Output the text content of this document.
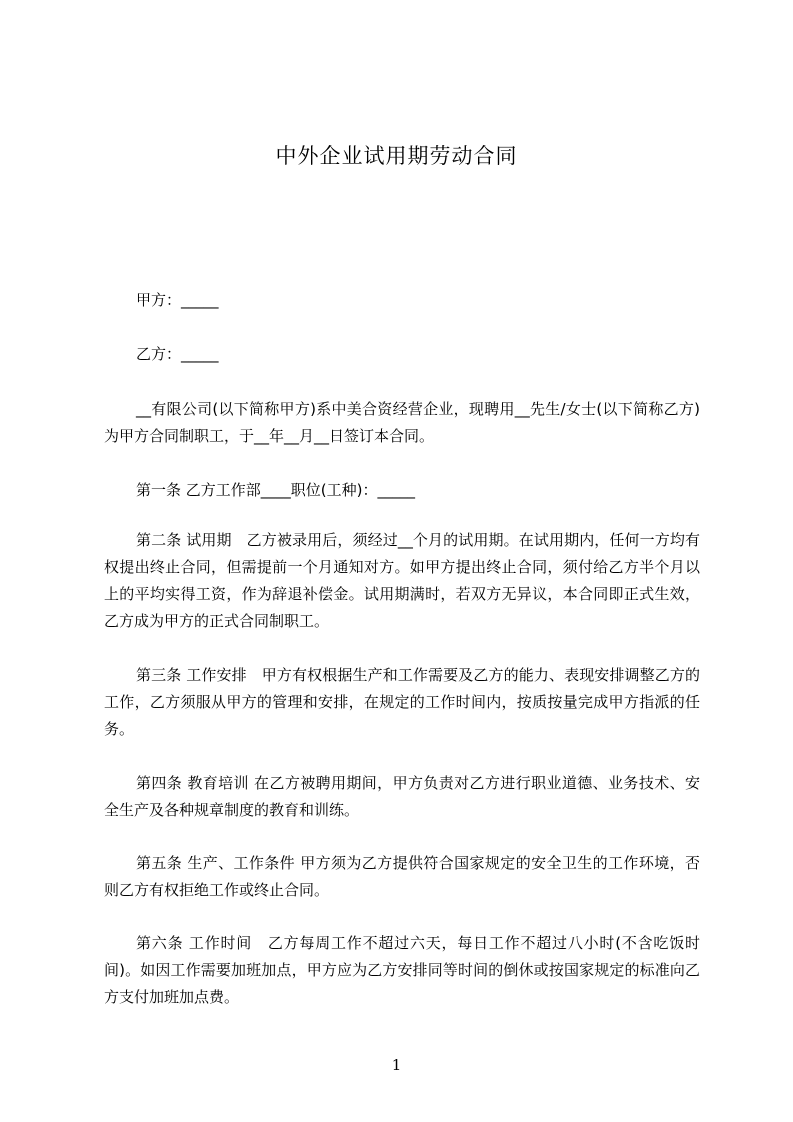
中外企业试用期劳动合同
甲方：_____
乙方：_____
__有限公司(以下简称甲方)系中美合资经营企业，现聘用__先生/女士(以下简称乙方)为甲方合同制职工，于__年__月__日签订本合同。
第一条 乙方工作部____职位(工种)：_____
第二条 试用期　乙方被录用后，须经过__个月的试用期。在试用期内，任何一方均有权提出终止合同，但需提前一个月通知对方。如甲方提出终止合同，须付给乙方半个月以上的平均实得工资，作为辞退补偿金。试用期满时，若双方无异议，本合同即正式生效，乙方成为甲方的正式合同制职工。
第三条 工作安排　甲方有权根据生产和工作需要及乙方的能力、表现安排调整乙方的工作，乙方须服从甲方的管理和安排，在规定的工作时间内，按质按量完成甲方指派的任务。
第四条 教育培训 在乙方被聘用期间，甲方负责对乙方进行职业道德、业务技术、安全生产及各种规章制度的教育和训练。
第五条 生产、工作条件 甲方须为乙方提供符合国家规定的安全卫生的工作环境，否则乙方有权拒绝工作或终止合同。
第六条 工作时间　乙方每周工作不超过六天，每日工作不超过八小时(不含吃饭时间)。如因工作需要加班加点，甲方应为乙方安排同等时间的倒休或按国家规定的标准向乙方支付加班加点费。
1
